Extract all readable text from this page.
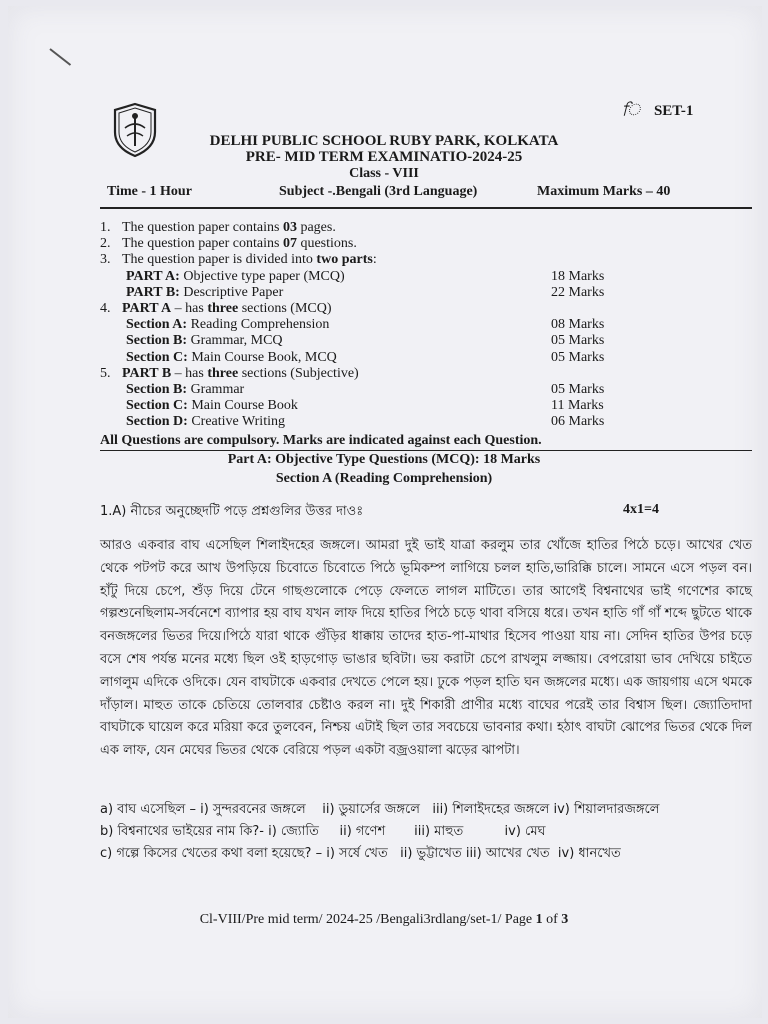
ਿ SET-1
DELHI PUBLIC SCHOOL RUBY PARK, KOLKATA
PRE- MID TERM EXAMINATIO-2024-25
Class - VIII
Time - 1 Hour	Subject -.Bengali (3rd Language)	Maximum Marks – 40
1. The question paper contains 03 pages.
2. The question paper contains 07 questions.
3. The question paper is divided into two parts:
PART A: Objective type paper (MCQ)	18 Marks
PART B: Descriptive Paper	22 Marks
4. PART A – has three sections (MCQ)
Section A: Reading Comprehension	08 Marks
Section B: Grammar, MCQ	05 Marks
Section C: Main Course Book, MCQ	05 Marks
5. PART B – has three sections (Subjective)
Section B: Grammar	05 Marks
Section C: Main Course Book	11 Marks
Section D: Creative Writing	06 Marks
All Questions are compulsory. Marks are indicated against each Question.
Part A: Objective Type Questions (MCQ): 18 Marks
Section A (Reading Comprehension)
1.A) নীচের অনুচ্ছেদটি পড়ে প্রশ্নগুলির উত্তর দাওঃ	4x1=4
আরও একবার বাঘ এসেছিল শিলাইদহের জঙ্গলে। আমরা দুই ভাই যাত্রা করলুম তার খোঁজে হাতির পিঠে চড়ে। আখের খেত থেকে পটপট করে আখ উপড়িয়ে চিবোতে চিবোতে পিঠে ভূমিকম্প লাগিয়ে চলল হাতি,ভারিক্কি চালে। সামনে এসে পড়ল বন। হাঁটু দিয়ে চেপে, শুঁড় দিয়ে টেনে গাছগুলোকে পেড়ে ফেলতে লাগল মাটিতে। তার আগেই বিশ্বনাথের ভাই গণেশের কাছে গল্পশুনেছিলাম-সর্বনেশে ব্যাপার হয় বাঘ যখন লাফ দিয়ে হাতির পিঠে চড়ে থাবা বসিয়ে ধরে। তখন হাতি গাঁ গাঁ শব্দে ছুটতে থাকে বনজঙ্গলের ভিতর দিয়ে।পিঠে যারা থাকে গুঁড়ির ধাক্কায় তাদের হাত-পা-মাথার হিসেব পাওয়া যায় না। সেদিন হাতির উপর চড়ে বসে শেষ পর্যন্ত মনের মধ্যে ছিল ওই হাড়গোড় ভাঙার ছবিটা। ভয় করাটা চেপে রাখলুম লজ্জায়। বেপরোয়া ভাব দেখিয়ে চাইতে লাগলুম এদিকে ওদিকে। যেন বাঘটাকে একবার দেখতে পেলে হয়। ঢুকে পড়ল হাতি ঘন জঙ্গলের মধ্যে। এক জায়গায় এসে থমকে দাঁড়াল। মাহুত তাকে চেতিয়ে তোলবার চেষ্টাও করল না। দুই শিকারী প্রাণীর মধ্যে বাঘের পরেই তার বিশ্বাস ছিল। জ্যোতিদাদা বাঘটাকে ঘায়েল করে মরিয়া করে তুলবেন, নিশ্চয় এটাই ছিল তার সবচেয়ে ভাবনার কথা। হঠাৎ বাঘটা ঝোপের ভিতর থেকে দিল এক লাফ, যেন মেঘের ভিতর থেকে বেরিয়ে পড়ল একটা বজ্রওয়ালা ঝড়ের ঝাপটা।
a) বাঘ এসেছিল – i) সুন্দরবনের জঙ্গলে    ii) ডুয়ার্সের জঙ্গলে   iii) শিলাইদহের জঙ্গলে iv) শিয়ালদারজঙ্গলে
b) বিশ্বনাথের ভাইয়ের নাম কি?- i) জ্যোতি     ii) গণেশ       iii) মাহুত          iv) মেঘ
c) গল্পে কিসের খেতের কথা বলা হয়েছে? – i) সর্ষে খেত   ii) ভুট্টাখেত iii) আখের খেত  iv) ধানখেত
Cl-VIII/Pre mid term/ 2024-25 /Bengali3rdlang/set-1/ Page 1 of 3
